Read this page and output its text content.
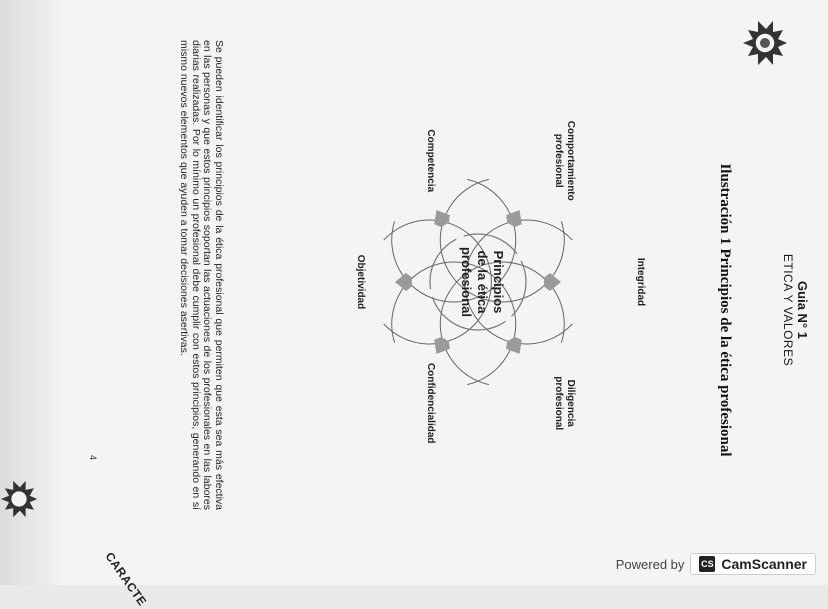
Guia N° 1
ETICA Y VALORES
Ilustración 1 Principios de la ética profesional
Integridad
Diligencia
profesional
Confidencialidad
Objetividad
Competencia	Comportamiento
profesional
Principios
de la ética
profesional
Se pueden identificar los principios de la ética profesional que permiten que esta sea más efectiva en las personas y que estos principios soportan las actuaciones de los profesionales en las labores diarias realizadas. Por lo mínimo un profesional debe cumplir con estos principios, generando en sí mismo nuevos elementos que ayuden a tomar decisiones asertivas.
4
CARACTE	Powered by CS CamScanner
